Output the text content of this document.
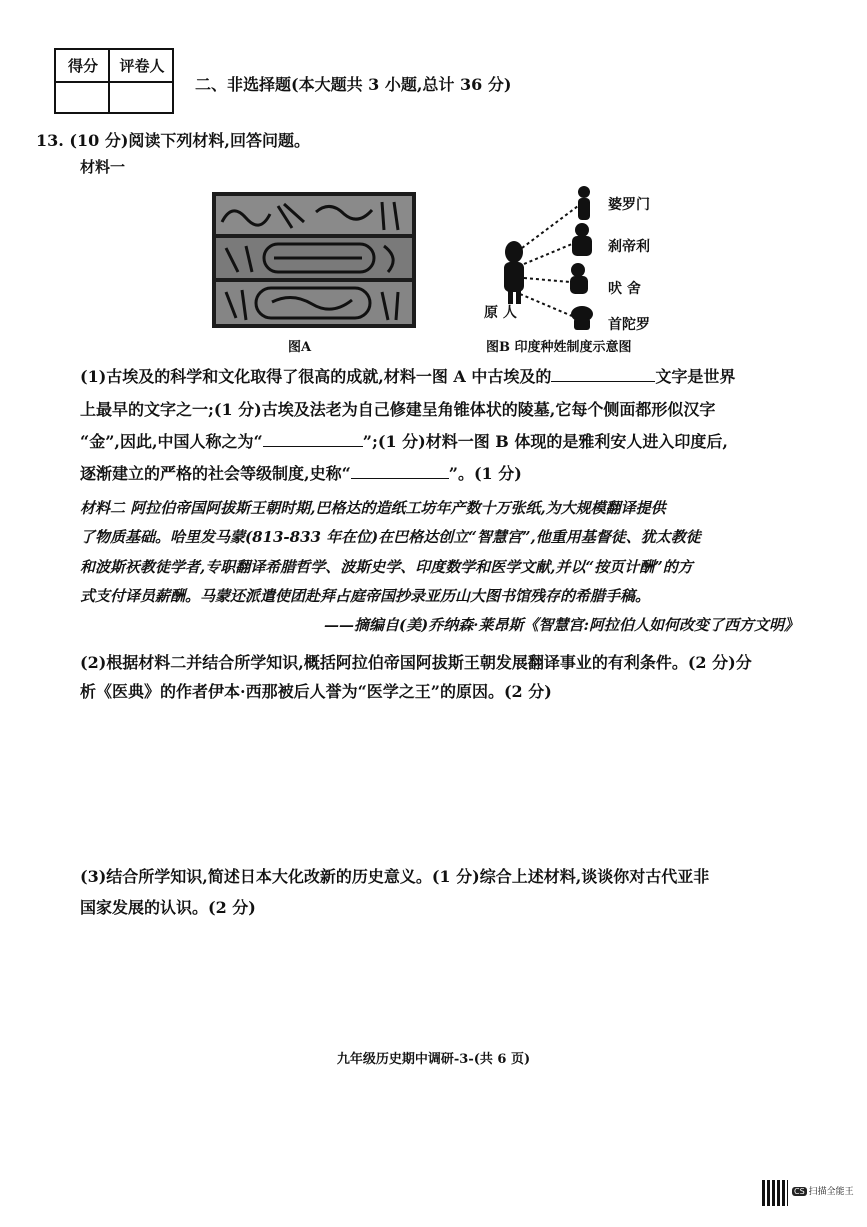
得分	评卷人
二、非选择题(本大题共 3 小题,总计 36 分)
13. (10 分)阅读下列材料,回答问题。
材料一
图A
婆罗门
刹帝利
吠 舍
首陀罗
原 人
图B 印度种姓制度示意图
(1)古埃及的科学和文化取得了很高的成就,材料一图 A 中古埃及的	文字是世界
上最早的文字之一;(1 分)古埃及法老为自己修建呈角锥体状的陵墓,它每个侧面都形似汉字
“金”,因此,中国人称之为“	”;(1 分)材料一图 B 体现的是雅利安人进入印度后,
逐渐建立的严格的社会等级制度,史称“	”。(1 分)
材料二 阿拉伯帝国阿拔斯王朝时期,巴格达的造纸工坊年产数十万张纸,为大规模翻译提供
了物质基础。哈里发马蒙(813-833 年在位)在巴格达创立“智慧宫”,他重用基督徒、犹太教徒
和波斯祆教徒学者,专职翻译希腊哲学、波斯史学、印度数学和医学文献,并以“按页计酬”的方
式支付译员薪酬。马蒙还派遣使团赴拜占庭帝国抄录亚历山大图书馆残存的希腊手稿。
——摘编自(美)乔纳森·莱昂斯《智慧宫:阿拉伯人如何改变了西方文明》
(2)根据材料二并结合所学知识,概括阿拉伯帝国阿拔斯王朝发展翻译事业的有利条件。(2 分)分
析《医典》的作者伊本·西那被后人誉为“医学之王”的原因。(2 分)
(3)结合所学知识,简述日本大化改新的历史意义。(1 分)综合上述材料,谈谈你对古代亚非
国家发展的认识。(2 分)
九年级历史期中调研-3-(共 6 页)
CS 扫描全能王
